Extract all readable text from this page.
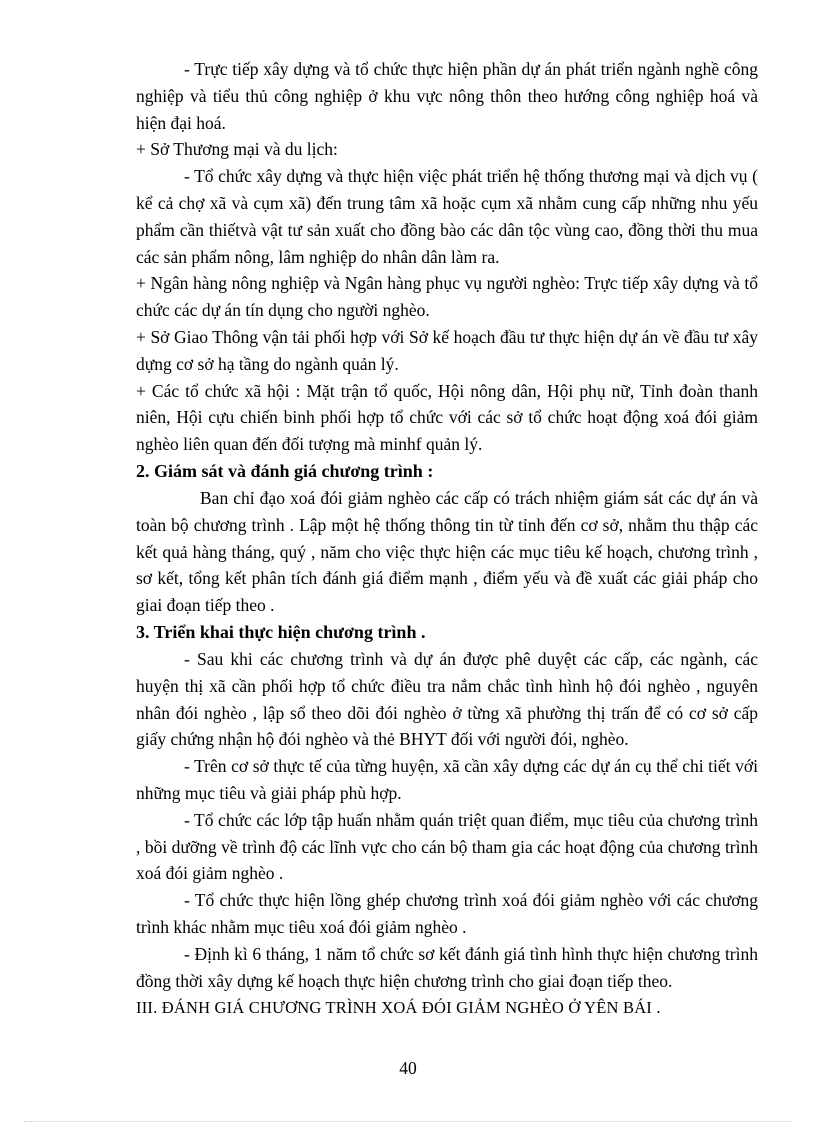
- Trực tiếp xây dựng và tổ chức thực hiện phần dự án phát triển ngành nghề công nghiệp và tiểu thủ công nghiệp ở khu vực nông thôn theo hướng công nghiệp hoá và hiện đại hoá.

+ Sở Thương mại và du lịch:

- Tổ chức xây dựng và thực hiện việc phát triển hệ thống thương mại và dịch vụ ( kể cả chợ xã và cụm xã) đến trung tâm xã hoặc cụm xã nhằm cung cấp những nhu yếu phẩm cần thiếtvà vật tư sản xuất cho đồng bào các dân tộc vùng cao, đồng thời thu mua các sản phẩm nông, lâm nghiệp do nhân dân làm ra.

+ Ngân hàng nông nghiệp và Ngân hàng phục vụ người nghèo: Trực tiếp xây dựng và tổ chức các dự án tín dụng cho người nghèo.

+ Sở Giao Thông vận tải phối hợp với Sở kế hoạch đầu tư thực hiện dự án về đầu tư xây dựng cơ sở hạ tầng do ngành quản lý.

+ Các tổ chức xã hội : Mặt trận tổ quốc, Hội nông dân, Hội phụ nữ, Tỉnh đoàn thanh niên, Hội cựu chiến binh phối hợp tổ chức với các sở tổ chức hoạt động xoá đói giảm nghèo liên quan đến đối tượng mà minhf quản lý.

2. Giám sát và đánh giá chương trình :

Ban chỉ đạo xoá đói giảm nghèo các cấp có trách nhiệm giám sát các dự án và toàn bộ chương trình . Lập một hệ thống thông tin từ tỉnh đến cơ sở, nhằm thu thập các kết quả hàng tháng, quý , năm cho việc thực hiện các mục tiêu kế hoạch, chương trình , sơ kết, tổng kết phân tích đánh giá điểm mạnh , điểm yếu và đề xuất các giải pháp cho giai đoạn tiếp theo .

3. Triển khai thực hiện chương trình .

- Sau khi các chương trình và dự án được phê duyệt các cấp, các ngành, các huyện thị xã cần phối hợp tổ chức điều tra nắm chắc tình hình hộ đói nghèo , nguyên nhân đói nghèo , lập sổ theo dõi đói nghèo ở từng xã phường thị trấn để có cơ sở cấp giấy chứng nhận hộ đói nghèo và thẻ BHYT đối với người đói, nghèo.

- Trên cơ sở thực tế của từng huyện, xã cần xây dựng các dự án cụ thể chi tiết với những mục tiêu và giải pháp phù hợp.

- Tổ chức các lớp tập huấn nhằm quán triệt quan điểm, mục tiêu của chương trình , bồi dưỡng về trình độ các lĩnh vực cho cán bộ tham gia các hoạt động của chương trình xoá đói giảm nghèo .

- Tổ chức thực hiện lồng ghép chương trình xoá đói giảm nghèo với các chương trình khác nhằm mục tiêu xoá đói giảm nghèo .

- Định kì 6 tháng, 1 năm tổ chức sơ kết đánh giá tình hình thực hiện chương trình đồng thời xây dựng kế hoạch thực hiện chương trình cho giai đoạn tiếp theo.

III. ĐÁNH GIÁ CHƯƠNG TRÌNH XOÁ ĐÓI GIẢM NGHÈO Ở YÊN BÁI .

40
